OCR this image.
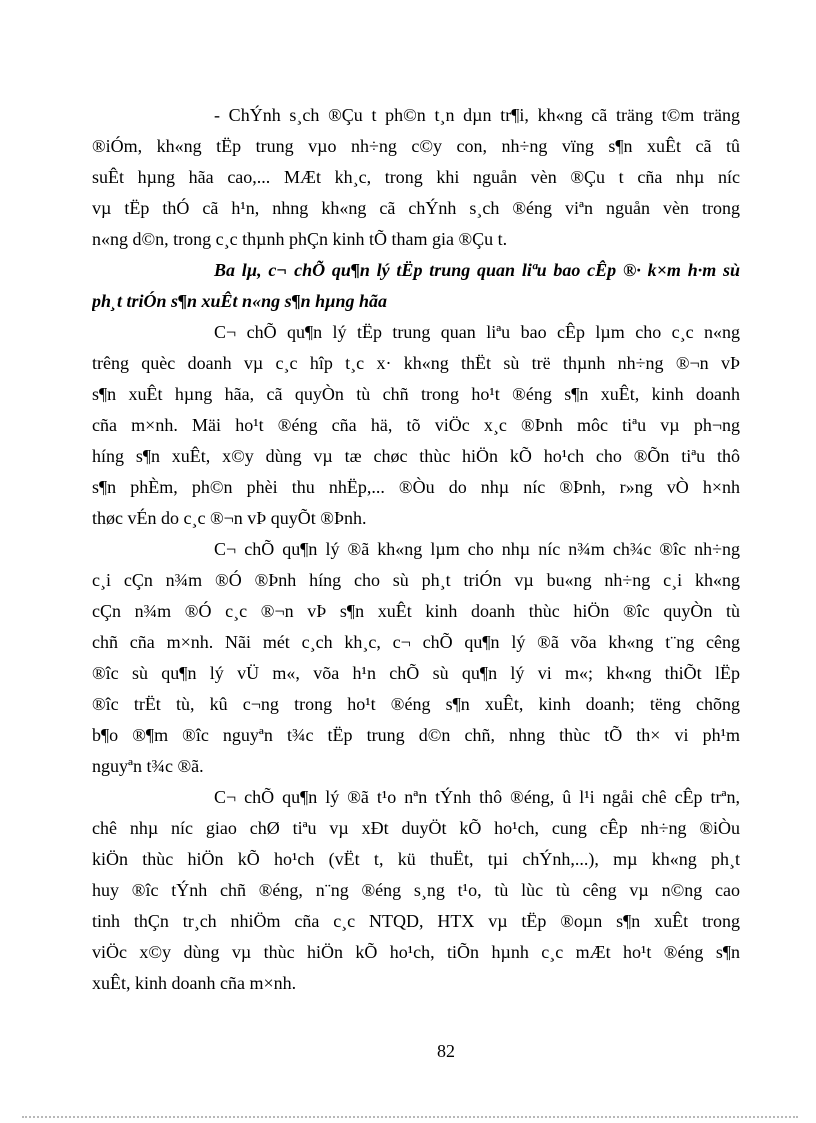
- ChÝnh s¸ch ®Çu t ph©n t¸n dµn tr¶i, kh«ng cã träng t©m träng
®iÓm, kh«ng tËp trung vµo nh÷ng c©y con, nh÷ng vïng s¶n xuÊt cã tû
suÊt hµng hãa cao,... MÆt kh¸c, trong khi nguån vèn ®Çu t cña nhµ níc
vµ tËp thÓ cã h¹n, nhng kh«ng cã chÝnh s¸ch ®éng viªn nguån vèn trong
n«ng d©n, trong c¸c thµnh phÇn kinh tÕ tham gia ®Çu t.
Ba lµ, c¬ chÕ qu¶n lý tËp trung quan liªu bao cÊp ®· k×m h·m sù
ph¸t triÓn s¶n xuÊt n«ng s¶n hµng hãa
C¬ chÕ qu¶n lý tËp trung quan liªu bao cÊp lµm cho c¸c n«ng
trêng quèc doanh vµ c¸c hîp t¸c x· kh«ng thËt sù trë thµnh nh÷ng ®¬n vÞ
s¶n xuÊt hµng hãa, cã quyÒn tù chñ trong ho¹t ®éng s¶n xuÊt, kinh doanh
cña m×nh. Mäi ho¹t ®éng cña hä, tõ viÖc x¸c ®Þnh môc tiªu vµ ph¬ng
híng s¶n xuÊt, x©y dùng vµ tæ chøc thùc hiÖn kÕ ho¹ch cho ®Õn tiªu thô
s¶n phÈm, ph©n phèi thu nhËp,... ®Òu do nhµ níc ®Þnh, r»ng vÒ h×nh
thøc vÉn do c¸c ®¬n vÞ quyÕt ®Þnh.
C¬ chÕ qu¶n lý ®ã kh«ng lµm cho nhµ níc n¾m ch¾c ®îc nh÷ng
c¸i cÇn n¾m ®Ó ®Þnh híng cho sù ph¸t triÓn vµ bu«ng nh÷ng c¸i kh«ng
cÇn n¾m ®Ó c¸c ®¬n vÞ s¶n xuÊt kinh doanh thùc hiÖn ®îc quyÒn tù
chñ cña m×nh. Nãi mét c¸ch kh¸c, c¬ chÕ qu¶n lý ®ã võa kh«ng t¨ng cêng
®îc sù qu¶n lý vÜ m«, võa h¹n chÕ sù qu¶n lý vi m«; kh«ng thiÕt lËp
®îc trËt tù, kû c¬ng trong ho¹t ®éng s¶n xuÊt, kinh doanh; tëng chõng
b¶o ®¶m ®îc nguyªn t¾c tËp trung d©n chñ, nhng thùc tÕ th× vi ph¹m
nguyªn t¾c ®ã.
C¬ chÕ qu¶n lý ®ã t¹o nªn tÝnh thô ®éng, û l¹i ngåi chê cÊp trªn,
chê nhµ níc giao chØ tiªu vµ xÐt duyÖt kÕ ho¹ch, cung cÊp nh÷ng ®iÒu
kiÖn thùc hiÖn kÕ ho¹ch (vËt t, kü thuËt, tµi chÝnh,...), mµ kh«ng ph¸t
huy ®îc tÝnh chñ ®éng, n¨ng ®éng s¸ng t¹o, tù lùc tù cêng vµ n©ng cao
tinh thÇn tr¸ch nhiÖm cña c¸c NTQD, HTX vµ tËp ®oµn s¶n xuÊt trong
viÖc x©y dùng vµ thùc hiÖn kÕ ho¹ch, tiÕn hµnh c¸c mÆt ho¹t ®éng s¶n
xuÊt, kinh doanh cña m×nh.
82
